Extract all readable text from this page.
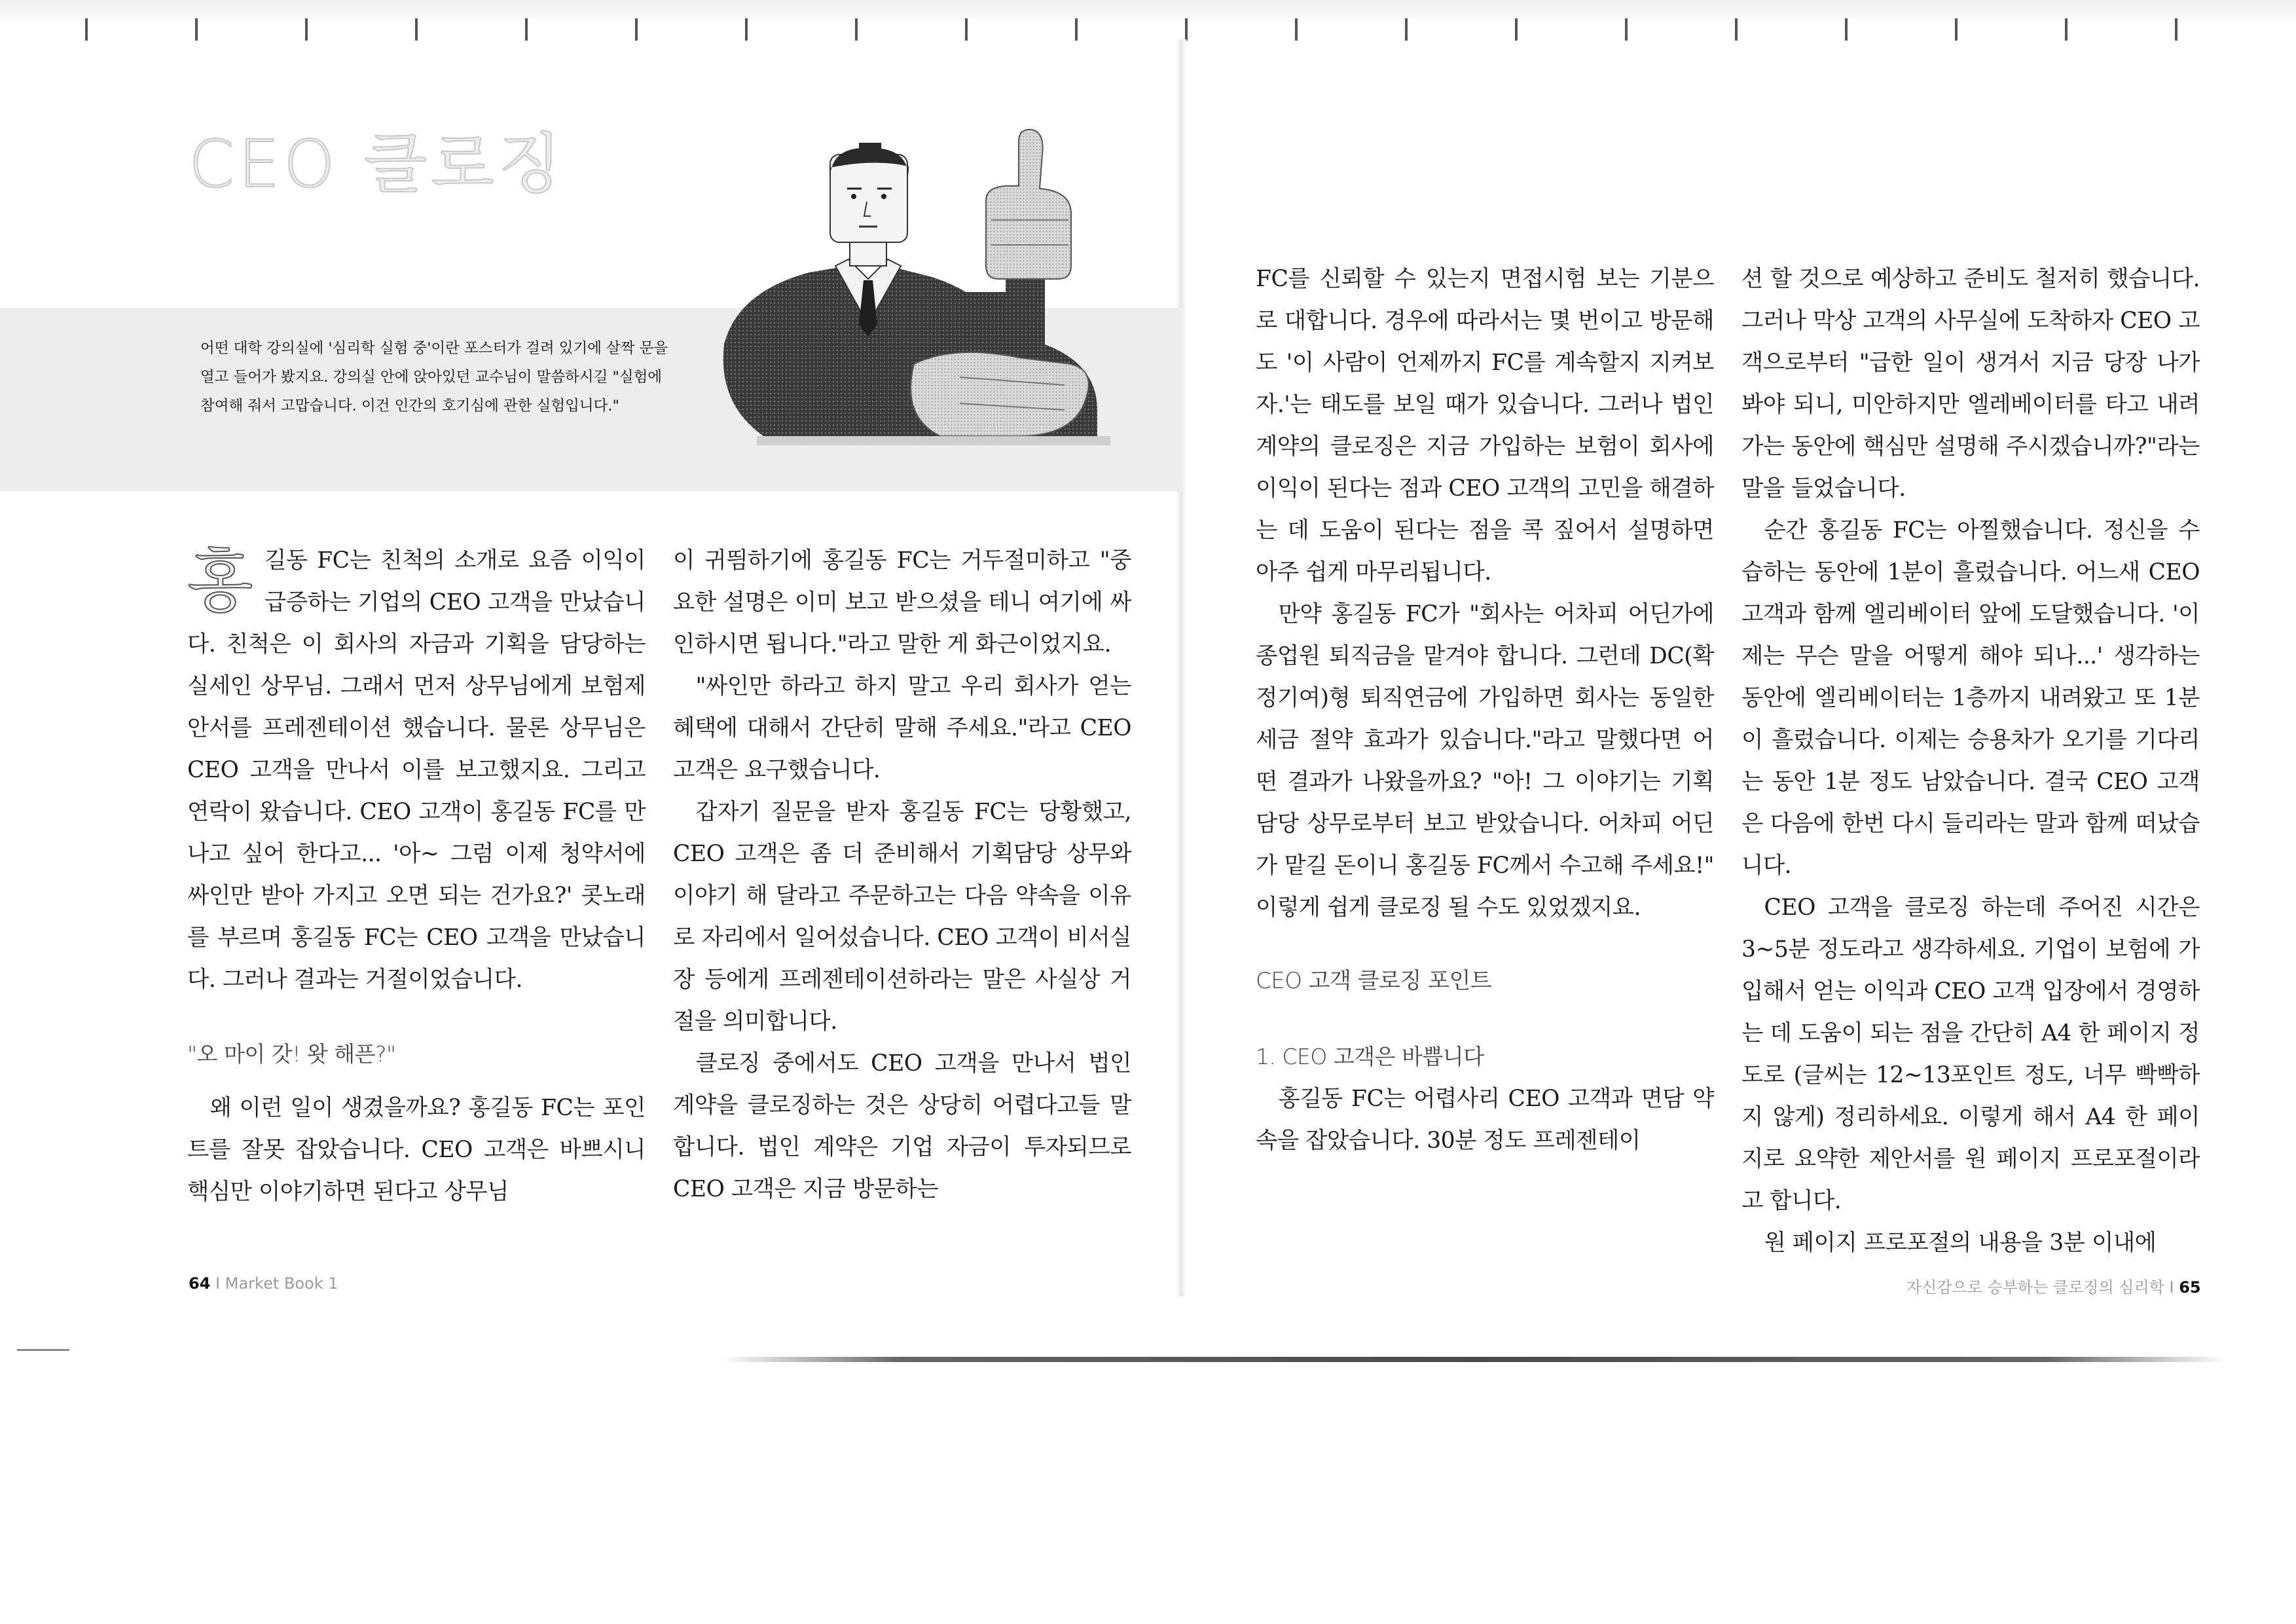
CEO 클로징

어떤 대학 강의실에 '심리학 실험 중'이란 포스터가 걸려 있기에 살짝 문을 열고 들어가 봤지요. 강의실 안에 앉아있던 교수님이 말씀하시길 "실험에 참여해 줘서 고맙습니다. 이건 인간의 호기심에 관한 실험입니다."

홍 길동 FC는 친척의 소개로 요즘 이익이 급증하는 기업의 CEO 고객을 만났습니다. 친척은 이 회사의 자금과 기획을 담당하는 실세인 상무님. 그래서 먼저 상무님에게 보험제안서를 프레젠테이션 했습니다. 물론 상무님은 CEO 고객을 만나서 이를 보고했지요. 그리고 연락이 왔습니다. CEO 고객이 홍길동 FC를 만나고 싶어 한다고... '아~ 그럼 이제 청약서에 싸인만 받아 가지고 오면 되는 건가요?' 콧노래를 부르며 홍길동 FC는 CEO 고객을 만났습니다. 그러나 결과는 거절이었습니다.

"오 마이 갓! 왓 해픈?"

왜 이런 일이 생겼을까요? 홍길동 FC는 포인트를 잘못 잡았습니다. CEO 고객은 바쁘시니 핵심만 이야기하면 된다고 상무님

이 귀띔하기에 홍길동 FC는 거두절미하고 "중요한 설명은 이미 보고 받으셨을 테니 여기에 싸인하시면 됩니다."라고 말한 게 화근이었지요.

"싸인만 하라고 하지 말고 우리 회사가 얻는 혜택에 대해서 간단히 말해 주세요."라고 CEO 고객은 요구했습니다.

갑자기 질문을 받자 홍길동 FC는 당황했고, CEO 고객은 좀 더 준비해서 기획담당 상무와 이야기 해 달라고 주문하고는 다음 약속을 이유로 자리에서 일어섰습니다. CEO 고객이 비서실장 등에게 프레젠테이션하라는 말은 사실상 거절을 의미합니다.

클로징 중에서도 CEO 고객을 만나서 법인 계약을 클로징하는 것은 상당히 어렵다고들 말합니다. 법인 계약은 기업 자금이 투자되므로 CEO 고객은 지금 방문하는

FC를 신뢰할 수 있는지 면접시험 보는 기분으로 대합니다. 경우에 따라서는 몇 번이고 방문해도 '이 사람이 언제까지 FC를 계속할지 지켜보자.'는 태도를 보일 때가 있습니다. 그러나 법인 계약의 클로징은 지금 가입하는 보험이 회사에 이익이 된다는 점과 CEO 고객의 고민을 해결하는 데 도움이 된다는 점을 콕 짚어서 설명하면 아주 쉽게 마무리됩니다.

만약 홍길동 FC가 "회사는 어차피 어딘가에 종업원 퇴직금을 맡겨야 합니다. 그런데 DC(확정기여)형 퇴직연금에 가입하면 회사는 동일한 세금 절약 효과가 있습니다."라고 말했다면 어떤 결과가 나왔을까요? "아! 그 이야기는 기획담당 상무로부터 보고 받았습니다. 어차피 어딘가 맡길 돈이니 홍길동 FC께서 수고해 주세요!" 이렇게 쉽게 클로징 될 수도 있었겠지요.

CEO 고객 클로징 포인트

1. CEO 고객은 바쁩니다

홍길동 FC는 어렵사리 CEO 고객과 면담 약속을 잡았습니다. 30분 정도 프레젠테이

션 할 것으로 예상하고 준비도 철저히 했습니다. 그러나 막상 고객의 사무실에 도착하자 CEO 고객으로부터 "급한 일이 생겨서 지금 당장 나가봐야 되니, 미안하지만 엘레베이터를 타고 내려가는 동안에 핵심만 설명해 주시겠습니까?"라는 말을 들었습니다.

순간 홍길동 FC는 아찔했습니다. 정신을 수습하는 동안에 1분이 흘렀습니다. 어느새 CEO 고객과 함께 엘리베이터 앞에 도달했습니다. '이제는 무슨 말을 어떻게 해야 되나...' 생각하는 동안에 엘리베이터는 1층까지 내려왔고 또 1분이 흘렀습니다. 이제는 승용차가 오기를 기다리는 동안 1분 정도 남았습니다. 결국 CEO 고객은 다음에 한번 다시 들리라는 말과 함께 떠났습니다.

CEO 고객을 클로징 하는데 주어진 시간은 3~5분 정도라고 생각하세요. 기업이 보험에 가입해서 얻는 이익과 CEO 고객 입장에서 경영하는 데 도움이 되는 점을 간단히 A4 한 페이지 정도로 (글씨는 12~13포인트 정도, 너무 빡빡하지 않게) 정리하세요. 이렇게 해서 A4 한 페이지로 요약한 제안서를 원 페이지 프로포절이라고 합니다.

원 페이지 프로포절의 내용을 3분 이내에

64 I Market Book 1	자신감으로 승부하는 클로징의 심리학 I 65
